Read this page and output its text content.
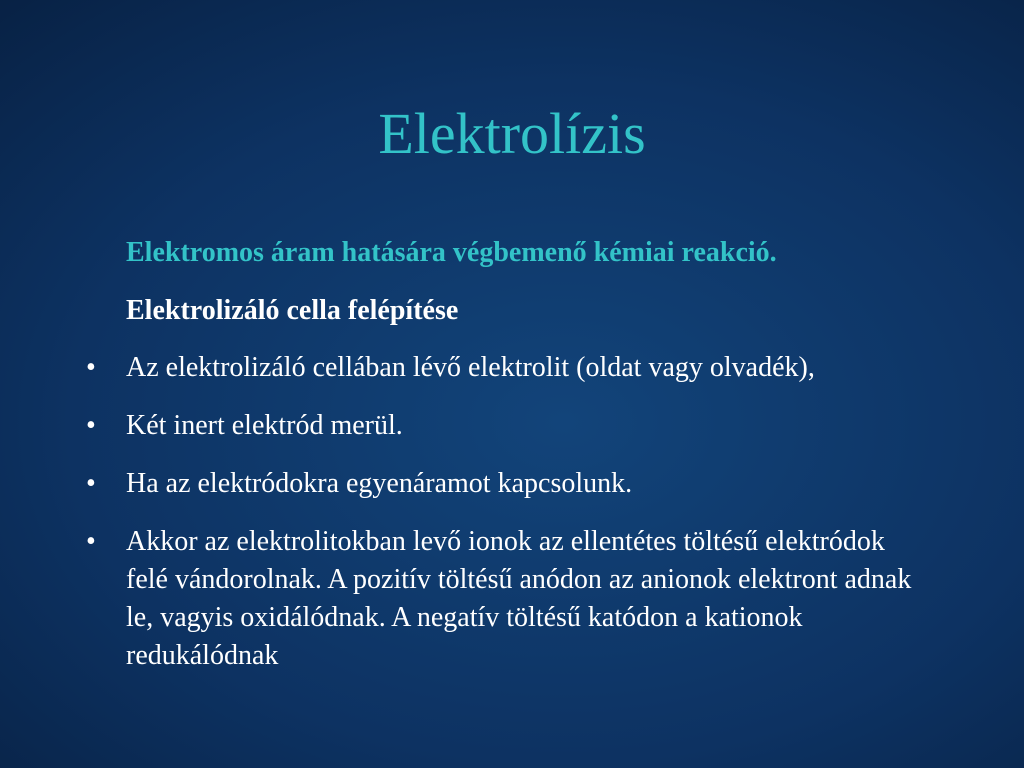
Elektrolízis
Elektromos áram hatására végbemenő kémiai reakció.
Elektrolizáló cella felépítése
• Az elektrolizáló cellában lévő elektrolit (oldat vagy olvadék),
• Két inert elektród merül.
• Ha az elektródokra egyenáramot kapcsolunk.
• Akkor az elektrolitokban levő ionok az ellentétes töltésű elektródok felé vándorolnak. A pozitív töltésű anódon az anionok elektront adnak le, vagyis oxidálódnak. A negatív töltésű katódon a kationok redukálódnak
